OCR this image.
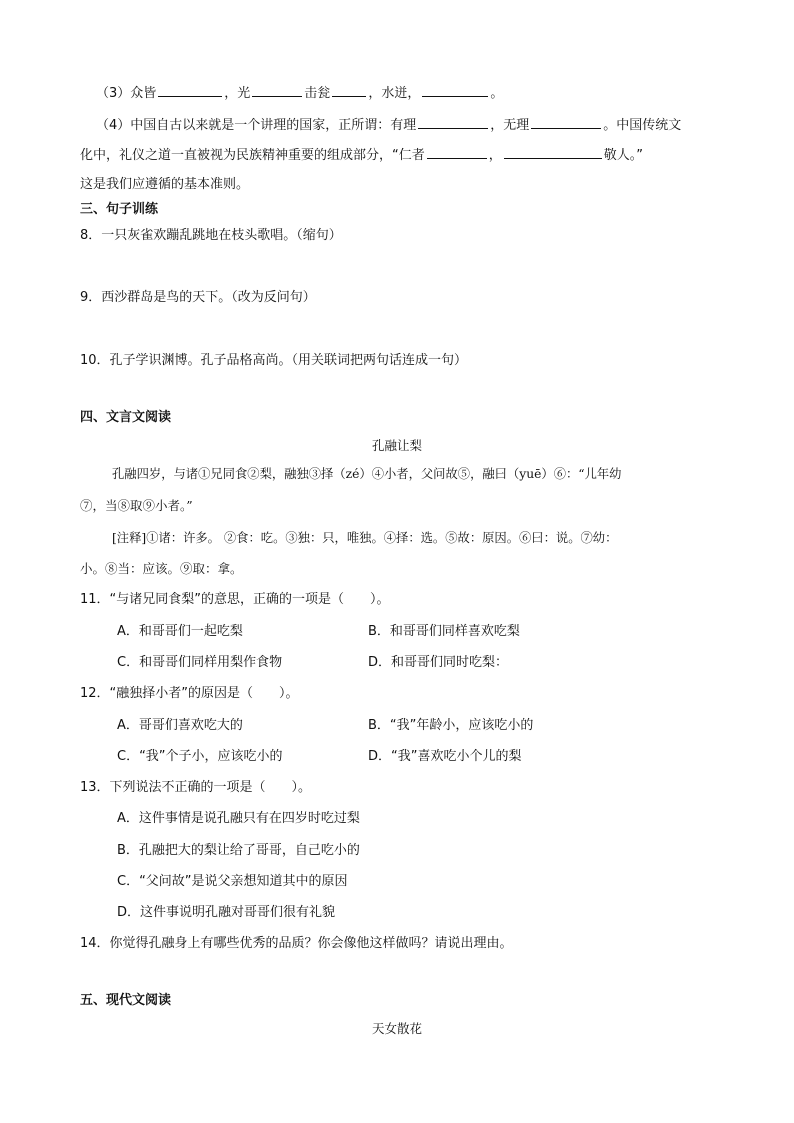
（3）众皆	，光	击瓮	，水迸，	。
（4）中国自古以来就是一个讲理的国家，正所谓：有理	，无理	。中国传统文
化中，礼仪之道一直被视为民族精神重要的组成部分，“仁者	，	敬人。”
这是我们应遵循的基本准则。
三、句子训练
8．一只灰雀欢蹦乱跳地在枝头歌唱。（缩句）
9．西沙群岛是鸟的天下。（改为反问句）
10．孔子学识渊博。孔子品格高尚。（用关联词把两句话连成一句）
四、文言文阅读
孔融让梨
孔融四岁，与诸①兄同食②梨，融独③择（zé）④小者，父问故⑤，融曰（yuē）⑥：“儿年幼
⑦，当⑧取⑨小者。”
[注释]①诸：许多。 ②食：吃。③独：只，唯独。④择：选。⑤故：原因。⑥曰：说。⑦幼：
小。⑧当：应该。⑨取：拿。
11．“与诸兄同食梨”的意思，正确的一项是（　　）。
A．和哥哥们一起吃梨	B．和哥哥们同样喜欢吃梨
C．和哥哥们同样用梨作食物	D．和哥哥们同时吃梨：
12．“融独择小者”的原因是（　　）。
A．哥哥们喜欢吃大的	B．“我”年龄小，应该吃小的
C．“我”个子小，应该吃小的	D．“我”喜欢吃小个儿的梨
13．下列说法不正确的一项是（　　）。
A．这件事情是说孔融只有在四岁时吃过梨
B．孔融把大的梨让给了哥哥，自己吃小的
C．“父问故”是说父亲想知道其中的原因
D．这件事说明孔融对哥哥们很有礼貌
14．你觉得孔融身上有哪些优秀的品质？你会像他这样做吗？请说出理由。
五、现代文阅读
天女散花
